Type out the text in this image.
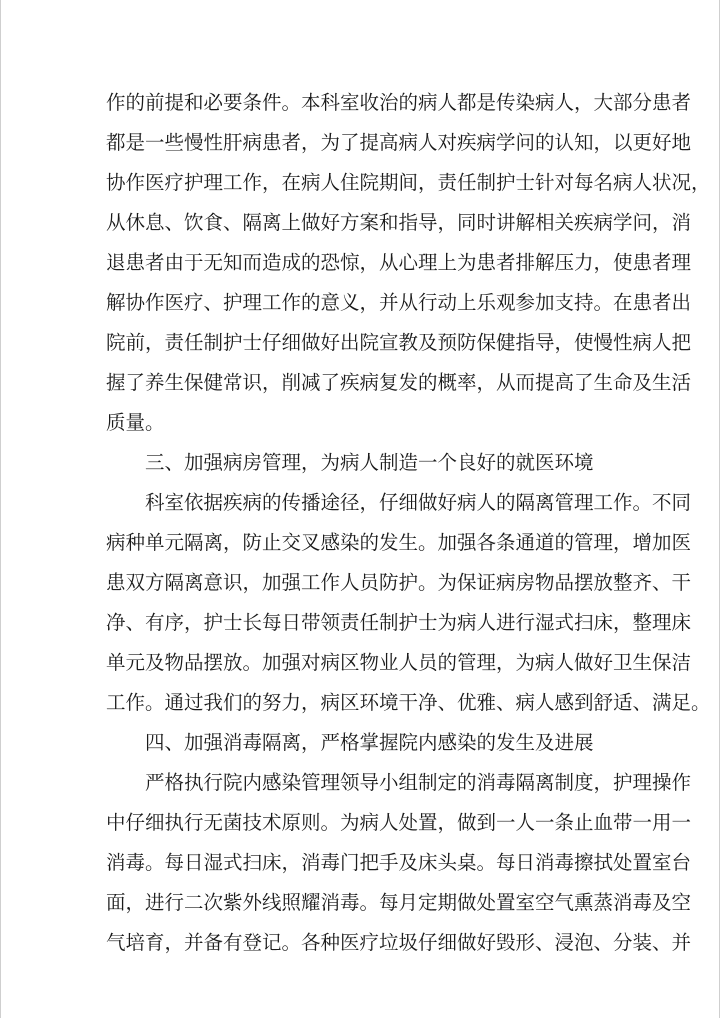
作的前提和必要条件。本科室收治的病人都是传染病人，大部分患者
都是一些慢性肝病患者，为了提高病人对疾病学问的认知，以更好地
协作医疗护理工作，在病人住院期间，责任制护士针对每名病人状况，
从休息、饮食、隔离上做好方案和指导，同时讲解相关疾病学问，消
退患者由于无知而造成的恐惊，从心理上为患者排解压力，使患者理
解协作医疗、护理工作的意义，并从行动上乐观参加支持。在患者出
院前，责任制护士仔细做好出院宣教及预防保健指导，使慢性病人把
握了养生保健常识，削减了疾病复发的概率，从而提高了生命及生活
质量。
三、加强病房管理，为病人制造一个良好的就医环境
科室依据疾病的传播途径，仔细做好病人的隔离管理工作。不同
病种单元隔离，防止交叉感染的发生。加强各条通道的管理，增加医
患双方隔离意识，加强工作人员防护。为保证病房物品摆放整齐、干
净、有序，护士长每日带领责任制护士为病人进行湿式扫床，整理床
单元及物品摆放。加强对病区物业人员的管理，为病人做好卫生保洁
工作。通过我们的努力，病区环境干净、优雅、病人感到舒适、满足。
四、加强消毒隔离，严格掌握院内感染的发生及进展
严格执行院内感染管理领导小组制定的消毒隔离制度，护理操作
中仔细执行无菌技术原则。为病人处置，做到一人一条止血带一用一
消毒。每日湿式扫床，消毒门把手及床头桌。每日消毒擦拭处置室台
面，进行二次紫外线照耀消毒。每月定期做处置室空气熏蒸消毒及空
气培育，并备有登记。各种医疗垃圾仔细做好毁形、浸泡、分装、并
